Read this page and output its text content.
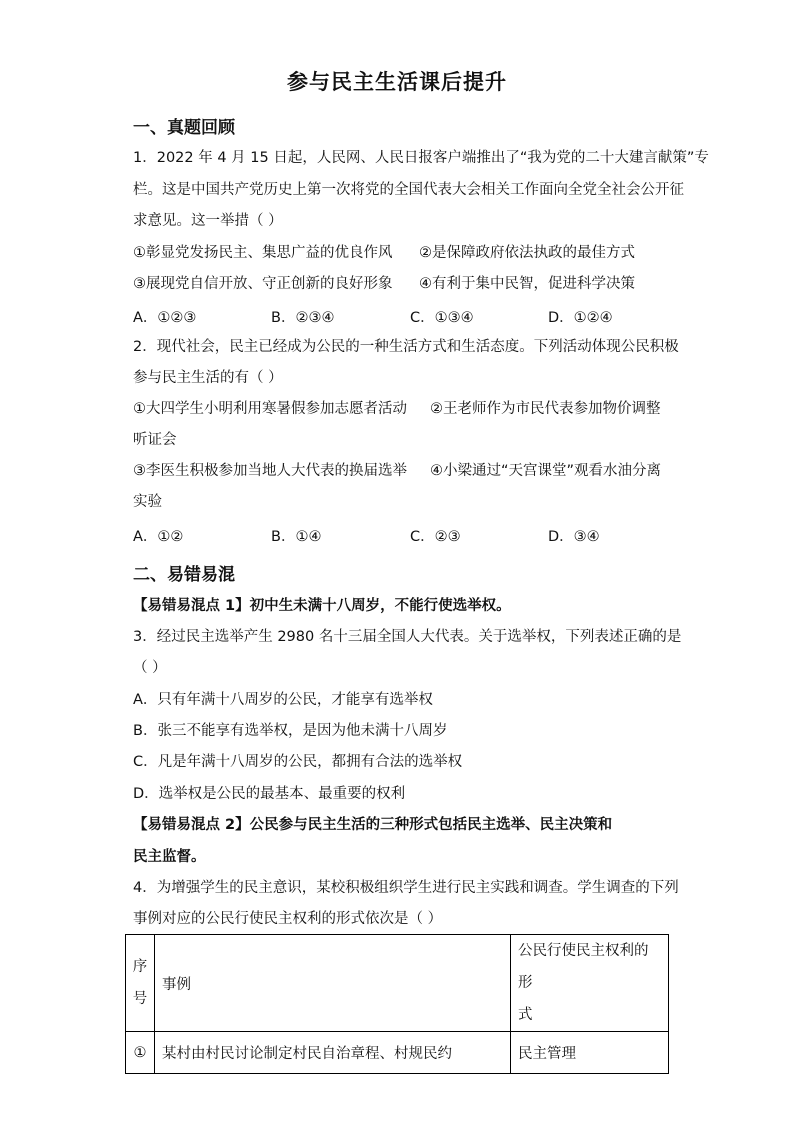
参与民主生活课后提升
一、真题回顾
1．2022 年 4 月 15 日起，人民网、人民日报客户端推出了“我为党的二十大建言献策”专
栏。这是中国共产党历史上第一次将党的全国代表大会相关工作面向全党全社会公开征
求意见。这一举措（ ）
①彰显党发扬民主、集思广益的优良作风 ②是保障政府依法执政的最佳方式
③展现党自信开放、守正创新的良好形象 ④有利于集中民智，促进科学决策
A．①②③	B．②③④	C．①③④	D．①②④
2．现代社会，民主已经成为公民的一种生活方式和生活态度。下列活动体现公民积极
参与民主生活的有（ ）
①大四学生小明利用寒暑假参加志愿者活动 ②王老师作为市民代表参加物价调整
听证会
③李医生积极参加当地人大代表的换届选举 ④小梁通过“天宫课堂”观看水油分离
实验
A．①②	B．①④	C．②③	D．③④
二、易错易混
【易错易混点 1】初中生未满十八周岁，不能行使选举权。
3．经过民主选举产生 2980 名十三届全国人大代表。关于选举权，下列表述正确的是
（ ）
A．只有年满十八周岁的公民，才能享有选举权
B．张三不能享有选举权，是因为他未满十八周岁
C．凡是年满十八周岁的公民，都拥有合法的选举权
D．选举权是公民的最基本、最重要的权利
【易错易混点 2】公民参与民主生活的三种形式包括民主选举、民主决策和
民主监督。
4．为增强学生的民主意识，某校积极组织学生进行民主实践和调查。学生调查的下列
事例对应的公民行使民主权利的形式依次是（ ）
序
号	事例	公民行使民主权利的形
式

①	某村由村民讨论制定村民自治章程、村规民约	民主管理
